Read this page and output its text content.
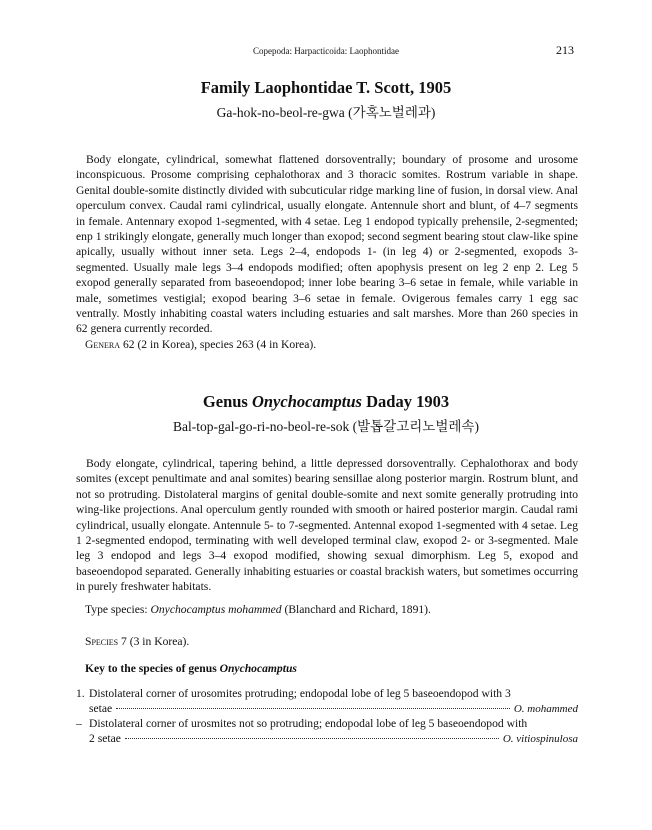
Copepoda: Harpacticoida: Laophontidae	213
Family Laophontidae T. Scott, 1905
Ga-hok-no-beol-re-gwa (가혹노벌레과)

Body elongate, cylindrical, somewhat flattened dorsoventrally; boundary of prosome and urosome inconspicuous. Prosome comprising cephalothorax and 3 thoracic somites. Rostrum variable in shape. Genital double-somite distinctly divided with subcuticular ridge marking line of fusion, in dorsal view. Anal operculum convex. Caudal rami cylindrical, usually elongate. Antennule short and blunt, of 4–7 segments in female. Antennary exopod 1-segmented, with 4 setae. Leg 1 endopod typically prehensile, 2-segmented; enp 1 strikingly elongate, generally much longer than exopod; second segment bearing stout claw-like spine apically, usually without inner seta. Legs 2–4, endopods 1- (in leg 4) or 2-segmented, exopods 3-segmented. Usually male legs 3–4 endopods modified; often apophysis present on leg 2 enp 2. Leg 5 exopod generally separated from baseoendopod; inner lobe bearing 3–6 setae in female, while variable in male, sometimes vestigial; exopod bearing 3–6 setae in female. Ovigerous females carry 1 egg sac ventrally. Mostly inhabiting coastal waters including estuaries and salt marshes. More than 260 species in 62 genera currently recorded.

Genera 62 (2 in Korea), species 263 (4 in Korea).
Genus Onychocamptus Daday 1903
Bal-top-gal-go-ri-no-beol-re-sok (발톱갈고리노벌레속)

Body elongate, cylindrical, tapering behind, a little depressed dorsoventrally. Cephalothorax and body somites (except penultimate and anal somites) bearing sensillae along posterior margin. Rostrum blunt, and not so protruding. Distolateral margins of genital double-somite and next somite generally protruding into wing-like projections. Anal operculum gently rounded with smooth or haired posterior margin. Caudal rami cylindrical, usually elongate. Antennule 5- to 7-segmented. Antennal exopod 1-segmented with 4 setae. Leg 1 2-segmented endopod, terminating with well developed terminal claw, exopod 2- or 3-segmented. Male leg 3 endopod and legs 3–4 exopod modified, showing sexual dimorphism. Leg 5, exopod and baseoendopod separated. Generally inhabiting estuaries or coastal brackish waters, but sometimes occurring in purely freshwater habitats.

Type species: Onychocamptus mohammed (Blanchard and Richard, 1891).
Species 7 (3 in Korea).
Key to the species of genus Onychocamptus
1. Distolateral corner of urosomites protruding; endopodal lobe of leg 5 baseoendopod with 3
setae	O. mohammed
– Distolateral corner of urosmites not so protruding; endopodal lobe of leg 5 baseoendopod with
2 setae	O. vitiospinulosa
